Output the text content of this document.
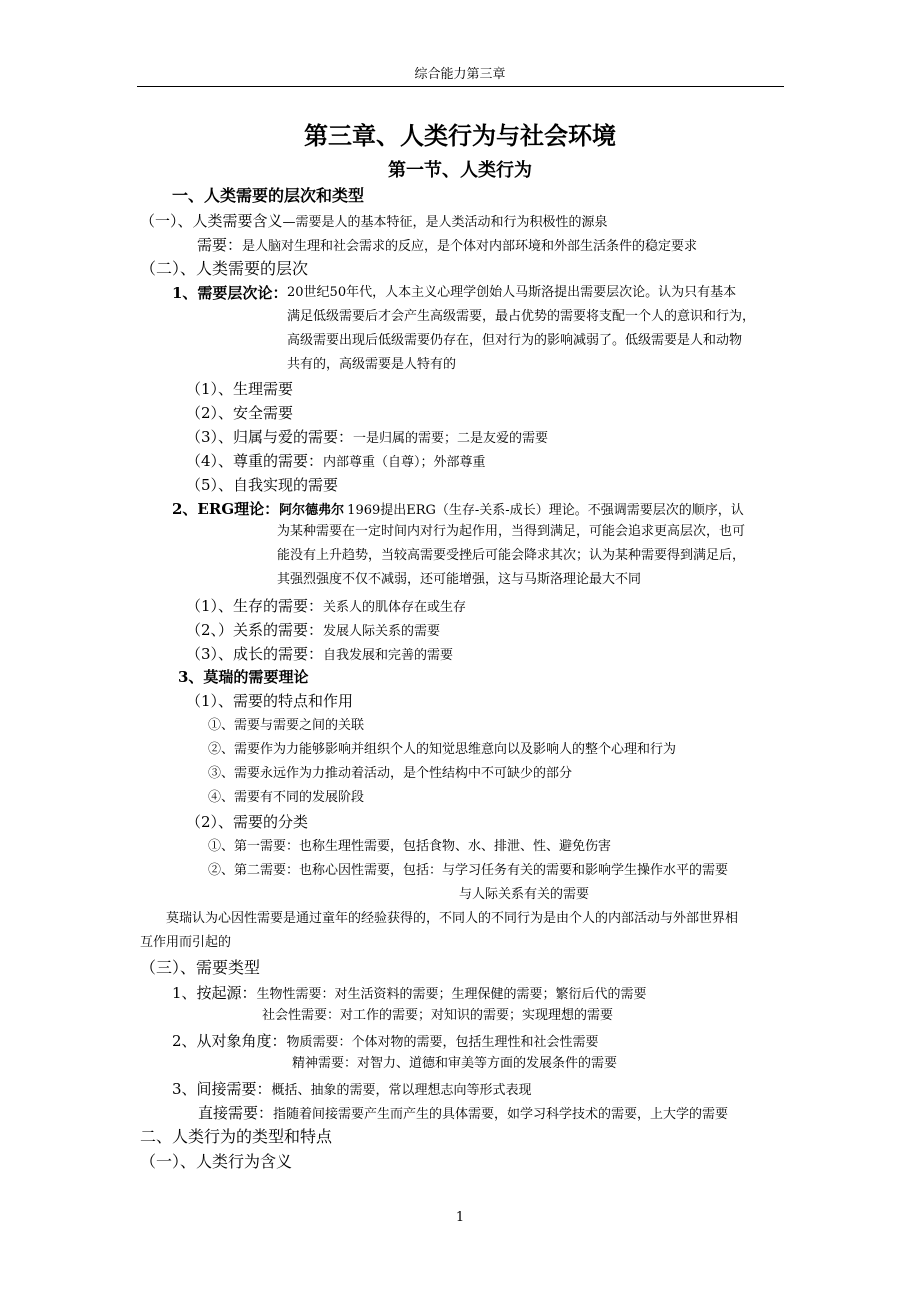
综合能力第三章
第三章、人类行为与社会环境
第一节、人类行为
一、人类需要的层次和类型
（一）、人类需要含义—需要是人的基本特征，是人类活动和行为积极性的源泉
需要：是人脑对生理和社会需求的反应，是个体对内部环境和外部生活条件的稳定要求
（二）、人类需要的层次
1、需要层次论： 20世纪50年代，人本主义心理学创始人马斯洛提出需要层次论。认为只有基本
满足低级需要后才会产生高级需要，最占优势的需要将支配一个人的意识和行为，
高级需要出现后低级需要仍存在，但对行为的影响减弱了。低级需要是人和动物
共有的，高级需要是人特有的
（1）、生理需要
（2）、安全需要
（3）、归属与爱的需要：一是归属的需要；二是友爱的需要
（4）、尊重的需要：内部尊重（自尊）；外部尊重
（5）、自我实现的需要
2、ERG理论：阿尔德弗尔 1969提出ERG（生存-关系-成长）理论。不强调需要层次的顺序，认
为某种需要在一定时间内对行为起作用，当得到满足，可能会追求更高层次，也可
能没有上升趋势，当较高需要受挫后可能会降求其次；认为某种需要得到满足后，
其强烈强度不仅不减弱，还可能增强，这与马斯洛理论最大不同
（1）、生存的需要：关系人的肌体存在或生存
（2、）关系的需要：发展人际关系的需要
（3）、成长的需要：自我发展和完善的需要
3、莫瑞的需要理论
（1）、需要的特点和作用
①、需要与需要之间的关联
②、需要作为力能够影响并组织个人的知觉思维意向以及影响人的整个心理和行为
③、需要永远作为力推动着活动，是个性结构中不可缺少的部分
④、需要有不同的发展阶段
（2）、需要的分类
①、第一需要：也称生理性需要，包括食物、水、排泄、性、避免伤害
②、第二需要：也称心因性需要，包括：与学习任务有关的需要和影响学生操作水平的需要
与人际关系有关的需要
莫瑞认为心因性需要是通过童年的经验获得的，不同人的不同行为是由个人的内部活动与外部世界相
互作用而引起的
（三）、需要类型
1、按起源：生物性需要：对生活资料的需要；生理保健的需要；繁衍后代的需要
社会性需要：对工作的需要；对知识的需要；实现理想的需要
2、从对象角度：物质需要：个体对物的需要，包括生理性和社会性需要
精神需要：对智力、道德和审美等方面的发展条件的需要
3、间接需要：概括、抽象的需要，常以理想志向等形式表现
直接需要：指随着间接需要产生而产生的具体需要，如学习科学技术的需要，上大学的需要
二、人类行为的类型和特点
（一）、人类行为含义
1
